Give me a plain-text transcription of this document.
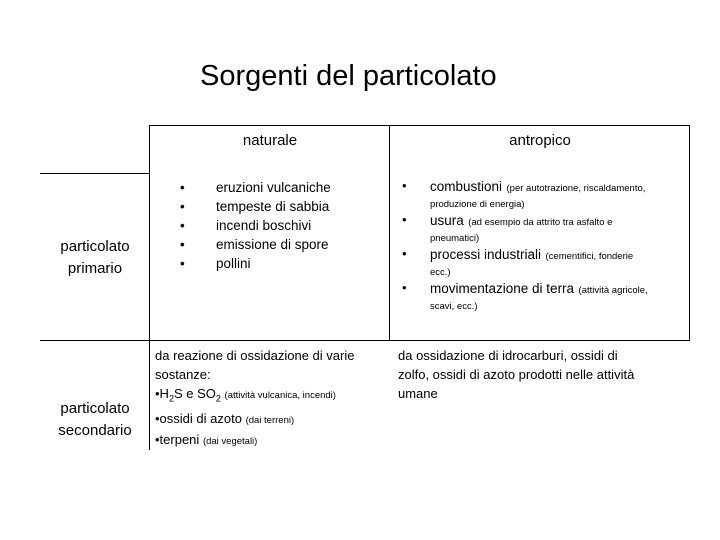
Sorgenti del particolato
naturale	antropico
particolato
primario
particolato
secondario
• eruzioni vulcaniche
• tempeste di sabbia
• incendi boschivi
• emissione di spore
• pollini
• combustioni (per autotrazione, riscaldamento,
produzione di energia)
• usura (ad esempio da attrito tra asfalto e
pneumatici)
• processi industriali (cementifici, fonderie
ecc.)
• movimentazione di terra (attività agricole,
scavi, ecc.)
da reazione di ossidazione di varie
sostanze:
$•H_2S$ e $SO_2$ (attività vulcanica, incendi)
•ossidi di azoto (dai terreni)
•terpeni (dai vegetali)
da ossidazione di idrocarburi, ossidi di
zolfo, ossidi di azoto prodotti nelle attività
umane
